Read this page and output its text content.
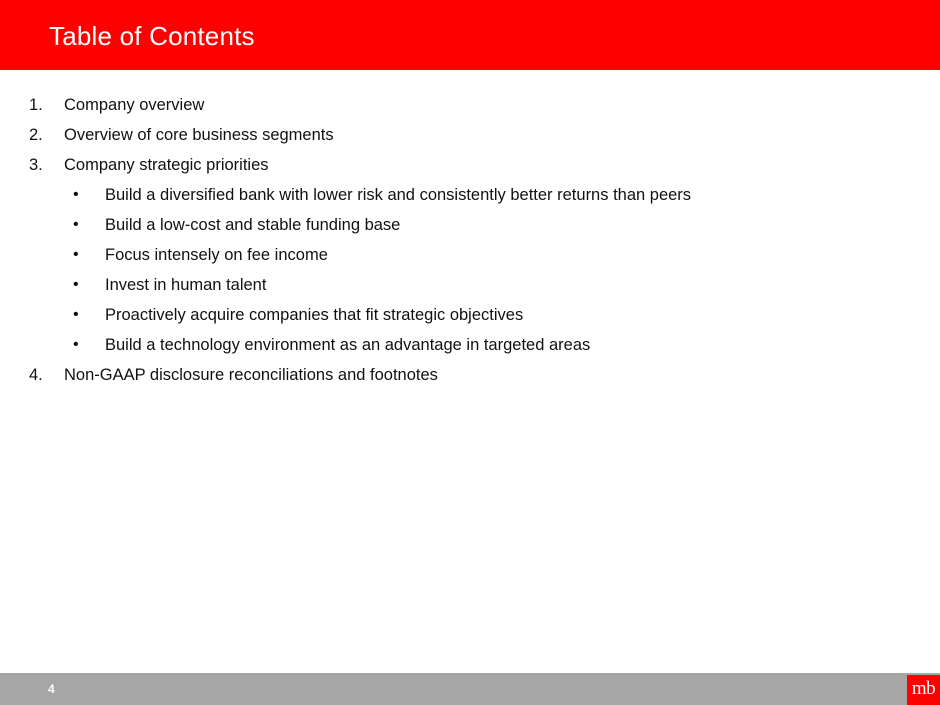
Table of Contents
1. Company overview
2. Overview of core business segments
3. Company strategic priorities
• Build a diversified bank with lower risk and consistently better returns than peers
• Build a low-cost and stable funding base
• Focus intensely on fee income
• Invest in human talent
• Proactively acquire companies that fit strategic objectives
• Build a technology environment as an advantage in targeted areas
4. Non-GAAP disclosure reconciliations and footnotes
4	mb
